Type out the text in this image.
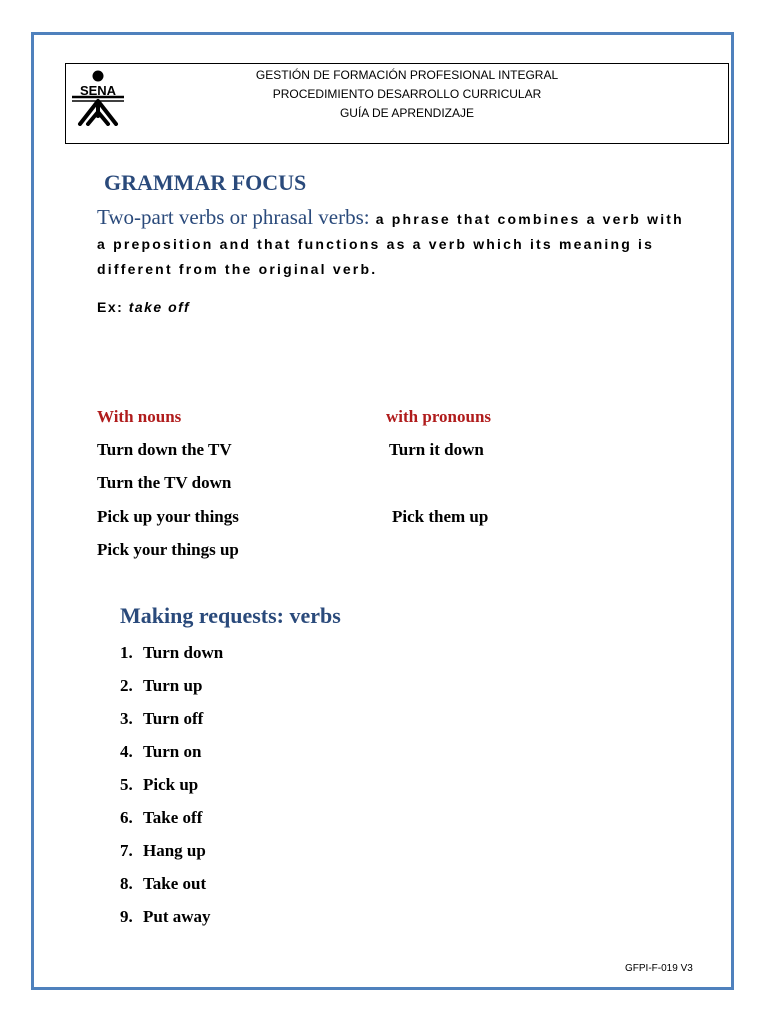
SENA
GESTIÓN DE FORMACIÓN PROFESIONAL INTEGRAL
PROCEDIMIENTO DESARROLLO CURRICULAR
GUÍA DE APRENDIZAJE
GRAMMAR FOCUS
Two-part verbs or phrasal verbs: a phrase that combines a verb with a preposition and that functions as a verb which its meaning is different from the original verb.
Ex: take off
With nouns	with pronouns
Turn down the TV
Turn the TV down
Pick up your things
Pick your things up
Turn it down
Pick them up
Making requests: verbs
1. Turn down
2. Turn up
3. Turn off
4. Turn on
5. Pick up
6. Take off
7. Hang up
8. Take out
9. Put away
GFPI-F-019 V3
